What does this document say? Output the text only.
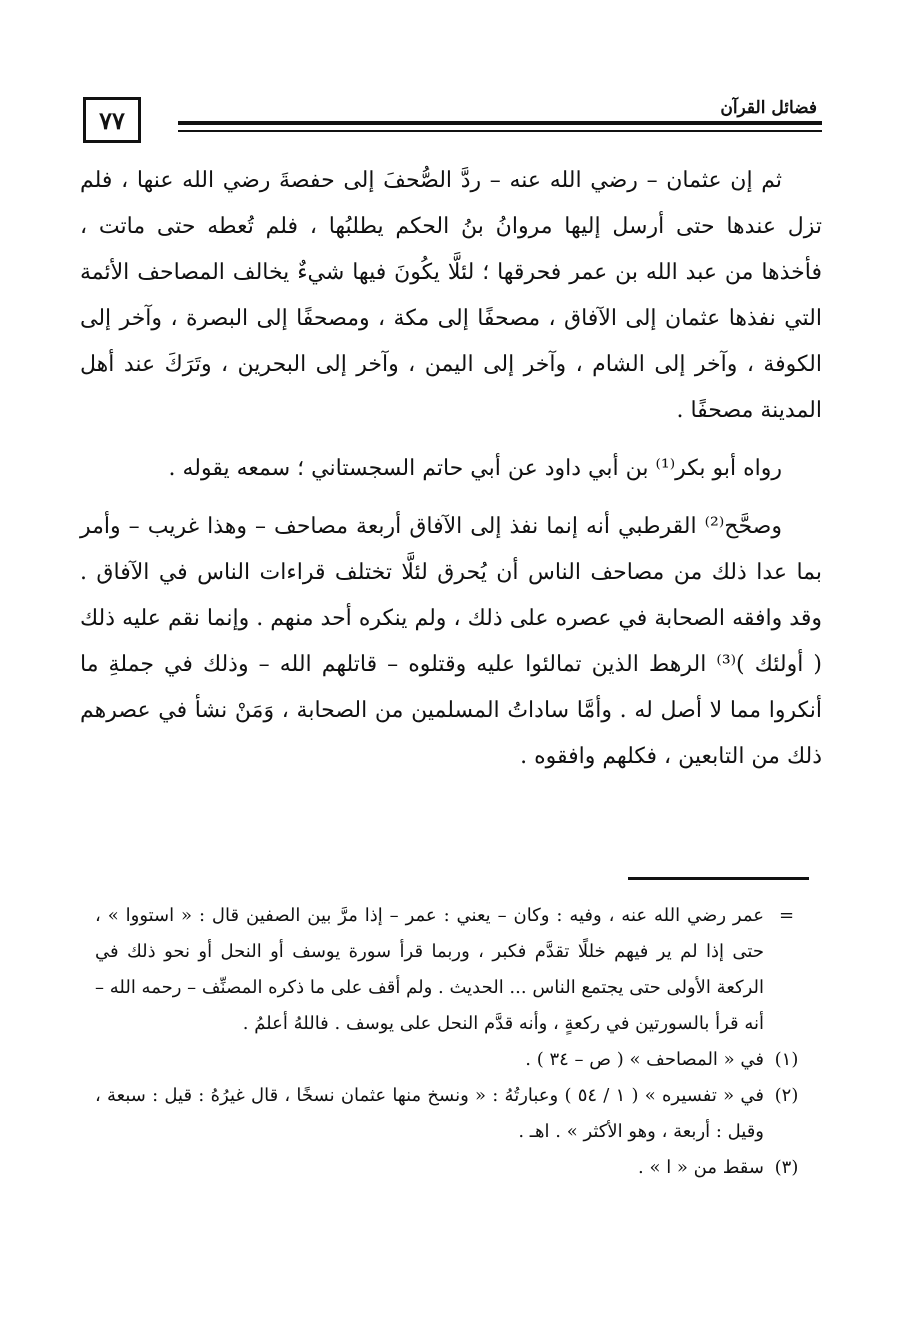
٧٧	فضائل القرآن

ثم إن عثمان – رضي الله عنه – ردَّ الصُّحفَ إلى حفصةَ رضي الله عنها ، فلم تزل عندها حتى أرسل إليها مروانُ بنُ الحكم يطلبُها ، فلم تُعطه حتى ماتت ، فأخذها من عبد الله بن عمر فحرقها ؛ لئلَّا يكُونَ فيها شيءٌ يخالف المصاحف الأئمة التي نفذها عثمان إلى الآفاق ، مصحفًا إلى مكة ، ومصحفًا إلى البصرة ، وآخر إلى الكوفة ، وآخر إلى الشام ، وآخر إلى اليمن ، وآخر إلى البحرين ، وتَرَكَ عند أهل المدينة مصحفًا .

رواه أبو بكر⁽¹⁾ بن أبي داود عن أبي حاتم السجستاني ؛ سمعه يقوله .

وصحَّح⁽²⁾ القرطبي أنه إنما نفذ إلى الآفاق أربعة مصاحف – وهذا غريب – وأمر بما عدا ذلك من مصاحف الناس أن يُحرق لئلَّا تختلف قراءات الناس في الآفاق . وقد وافقه الصحابة في عصره على ذلك ، ولم ينكره أحد منهم . وإنما نقم عليه ذلك ( أولئك )⁽³⁾ الرهط الذين تمالئوا عليه وقتلوه – قاتلهم الله – وذلك في جملةِ ما أنكروا مما لا أصل له . وأمَّا ساداتُ المسلمين من الصحابة ، وَمَنْ نشأ في عصرهم ذلك من التابعين ، فكلهم وافقوه .

=
عمر رضي الله عنه ، وفيه : وكان – يعني : عمر – إذا مرَّ بين الصفين قال : « استووا » ، حتى إذا لم ير فيهم خللًا تقدَّم فكبر ، وربما قرأ سورة يوسف أو النحل أو نحو ذلك في الركعة الأولى حتى يجتمع الناس ... الحديث . ولم أقف على ما ذكره المصنِّف – رحمه الله – أنه قرأ بالسورتين في ركعةٍ ، وأنه قدَّم النحل على يوسف . فاللهُ أعلمُ .
(١)
في « المصاحف » ( ص – ٣٤ ) .
(٢)
في « تفسيره » ( ١ / ٥٤ ) وعبارتُهُ : « ونسخ منها عثمان نسخًا ، قال غيرُهُ : قيل : سبعة ، وقيل : أربعة ، وهو الأكثر » . اهـ .
(٣)
سقط من « ا » .
